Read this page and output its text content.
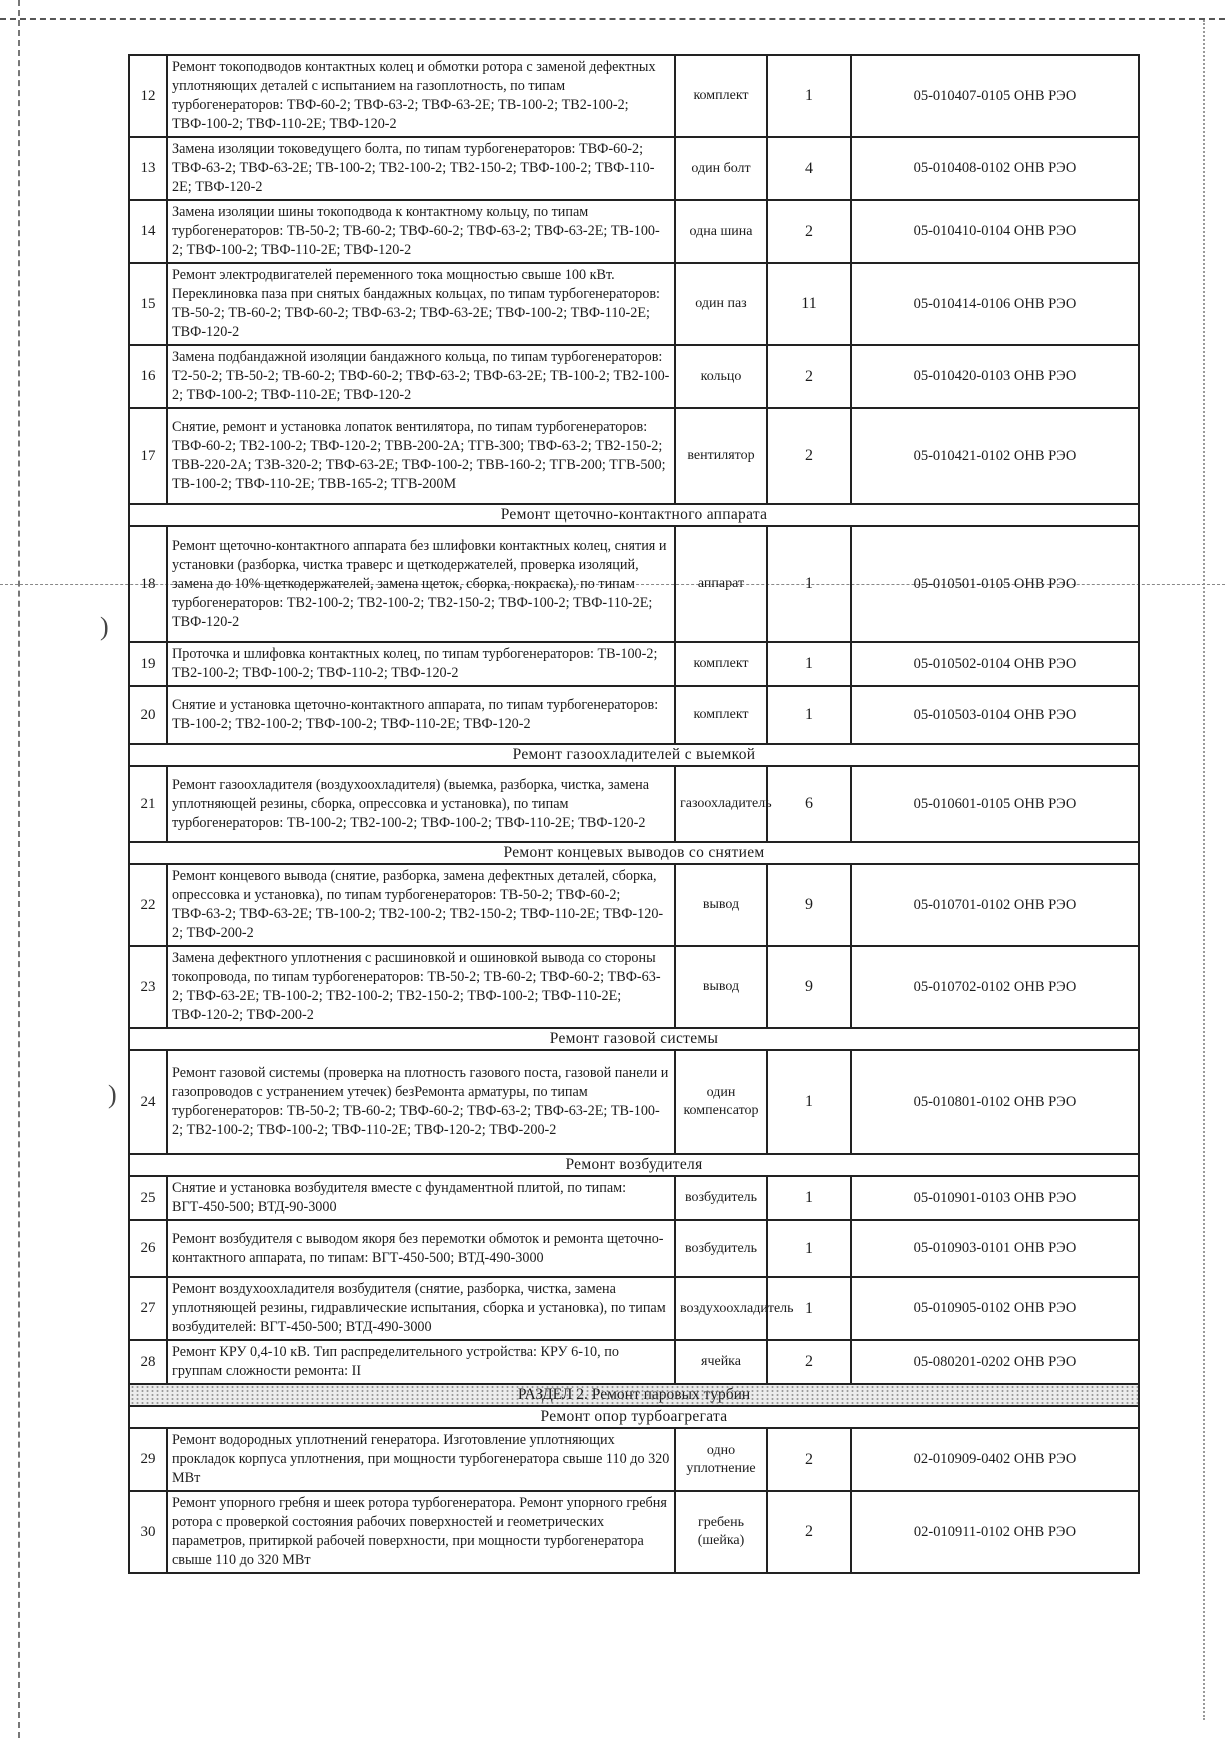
)
)
12	Ремонт токоподводов контактных колец и обмотки ротора с заменой дефектных уплотняющих деталей с испытанием на газоплотность, по типам турбогенераторов: ТВФ-60-2; ТВФ-63-2; ТВФ-63-2Е; ТВ-100-2; ТВ2-100-2; ТВФ-100-2; ТВФ-110-2Е; ТВФ-120-2	комплект	1	05-010407-0105 ОНВ РЭО
13	Замена изоляции токоведущего болта, по типам турбогенераторов: ТВФ-60-2; ТВФ-63-2; ТВФ-63-2Е; ТВ-100-2; ТВ2-100-2; ТВ2-150-2; ТВФ-100-2; ТВФ-110-2Е; ТВФ-120-2	один болт	4	05-010408-0102 ОНВ РЭО
14	Замена изоляции шины токоподвода к контактному кольцу, по типам турбогенераторов: ТВ-50-2; ТВ-60-2; ТВФ-60-2; ТВФ-63-2; ТВФ-63-2Е; ТВ-100-2; ТВФ-100-2; ТВФ-110-2Е; ТВФ-120-2	одна шина	2	05-010410-0104 ОНВ РЭО
15	Ремонт электродвигателей переменного тока мощностью свыше 100 кВт. Переклиновка паза при снятых бандажных кольцах, по типам турбогенераторов: ТВ-50-2; ТВ-60-2; ТВФ-60-2; ТВФ-63-2; ТВФ-63-2Е; ТВФ-100-2; ТВФ-110-2Е; ТВФ-120-2	один паз	11	05-010414-0106 ОНВ РЭО
16	Замена подбандажной изоляции бандажного кольца, по типам турбогенераторов: Т2-50-2; ТВ-50-2; ТВ-60-2; ТВФ-60-2; ТВФ-63-2; ТВФ-63-2Е; ТВ-100-2; ТВ2-100-2; ТВФ-100-2; ТВФ-110-2Е; ТВФ-120-2	кольцо	2	05-010420-0103 ОНВ РЭО
17	Снятие, ремонт и установка лопаток вентилятора, по типам турбогенераторов: ТВФ-60-2; ТВ2-100-2; ТВФ-120-2; ТВВ-200-2А; ТГВ-300; ТВФ-63-2; ТВ2-150-2; ТВВ-220-2А; ТЗВ-320-2; ТВФ-63-2Е; ТВФ-100-2; ТВВ-160-2; ТГВ-200; ТГВ-500; ТВ-100-2; ТВФ-110-2Е; ТВВ-165-2; ТГВ-200М	вентилятор	2	05-010421-0102 ОНВ РЭО
Ремонт щеточно-контактного аппарата				
18	Ремонт щеточно-контактного аппарата без шлифовки контактных колец, снятия и установки (разборка, чистка траверс и щеткодержателей, проверка изоляций, замена до 10% щеткодержателей, замена щеток, сборка, покраска), по типам турбогенераторов: ТВ2-100-2; ТВ2-100-2; ТВ2-150-2; ТВФ-100-2; ТВФ-110-2Е; ТВФ-120-2	аппарат	1	05-010501-0105 ОНВ РЭО
19	Проточка и шлифовка контактных колец, по типам турбогенераторов: ТВ-100-2; ТВ2-100-2; ТВФ-100-2; ТВФ-110-2; ТВФ-120-2	комплект	1	05-010502-0104 ОНВ РЭО
20	Снятие и установка щеточно-контактного аппарата, по типам турбогенераторов: ТВ-100-2; ТВ2-100-2; ТВФ-100-2; ТВФ-110-2Е; ТВФ-120-2	комплект	1	05-010503-0104 ОНВ РЭО
Ремонт газоохладителей с выемкой				
21	Ремонт газоохладителя (воздухоохладителя) (выемка, разборка, чистка, замена уплотняющей резины, сборка, опрессовка и установка), по типам турбогенераторов: ТВ-100-2; ТВ2-100-2; ТВФ-100-2; ТВФ-110-2Е; ТВФ-120-2	газоохладитель	6	05-010601-0105 ОНВ РЭО
Ремонт концевых выводов со снятием				
22	Ремонт концевого вывода (снятие, разборка, замена дефектных деталей, сборка, опрессовка и установка), по типам турбогенераторов: ТВ-50-2; ТВФ-60-2; ТВФ-63-2; ТВФ-63-2Е; ТВ-100-2; ТВ2-100-2; ТВ2-150-2; ТВФ-110-2Е; ТВФ-120-2; ТВФ-200-2	вывод	9	05-010701-0102 ОНВ РЭО
23	Замена дефектного уплотнения с расшиновкой и ошиновкой вывода со стороны токопровода, по типам турбогенераторов: ТВ-50-2; ТВ-60-2; ТВФ-60-2; ТВФ-63-2; ТВФ-63-2Е; ТВ-100-2; ТВ2-100-2; ТВ2-150-2; ТВФ-100-2; ТВФ-110-2Е; ТВФ-120-2; ТВФ-200-2	вывод	9	05-010702-0102 ОНВ РЭО
Ремонт газовой системы				
24	Ремонт газовой системы (проверка на плотность газового поста, газовой панели и газопроводов с устранением утечек) безРемонта арматуры, по типам турбогенераторов: ТВ-50-2; ТВ-60-2; ТВФ-60-2; ТВФ-63-2; ТВФ-63-2Е; ТВ-100-2; ТВ2-100-2; ТВФ-100-2; ТВФ-110-2Е; ТВФ-120-2; ТВФ-200-2	один компенсатор	1	05-010801-0102 ОНВ РЭО
Ремонт возбудителя				
25	Снятие и установка возбудителя вместе с фундаментной плитой, по типам: ВГТ-450-500; ВТД-90-3000	возбудитель	1	05-010901-0103 ОНВ РЭО
26	Ремонт возбудителя с выводом якоря без перемотки обмоток и ремонта щеточно-контактного аппарата, по типам: ВГТ-450-500; ВТД-490-3000	возбудитель	1	05-010903-0101 ОНВ РЭО
27	Ремонт воздухоохладителя возбудителя (снятие, разборка, чистка, замена уплотняющей резины, гидравлические испытания, сборка и установка), по типам возбудителей: ВГТ-450-500; ВТД-490-3000	воздухоохладитель	1	05-010905-0102 ОНВ РЭО
28	Ремонт КРУ 0,4-10 кВ. Тип распределительного устройства: КРУ 6-10, по группам сложности ремонта: II	ячейка	2	05-080201-0202 ОНВ РЭО
РАЗДЕЛ 2. Ремонт паровых турбин				
Ремонт опор турбоагрегата				
29	Ремонт водородных уплотнений генератора. Изготовление уплотняющих прокладок корпуса уплотнения, при мощности турбогенератора свыше 110 до 320 МВт	одно уплотнение	2	02-010909-0402 ОНВ РЭО
30	Ремонт упорного гребня и шеек ротора турбогенератора. Ремонт упорного гребня ротора с проверкой состояния рабочих поверхностей и геометрических параметров, притиркой рабочей поверхности, при мощности турбогенератора свыше 110 до 320 МВт	гребень (шейка)	2	02-010911-0102 ОНВ РЭО
